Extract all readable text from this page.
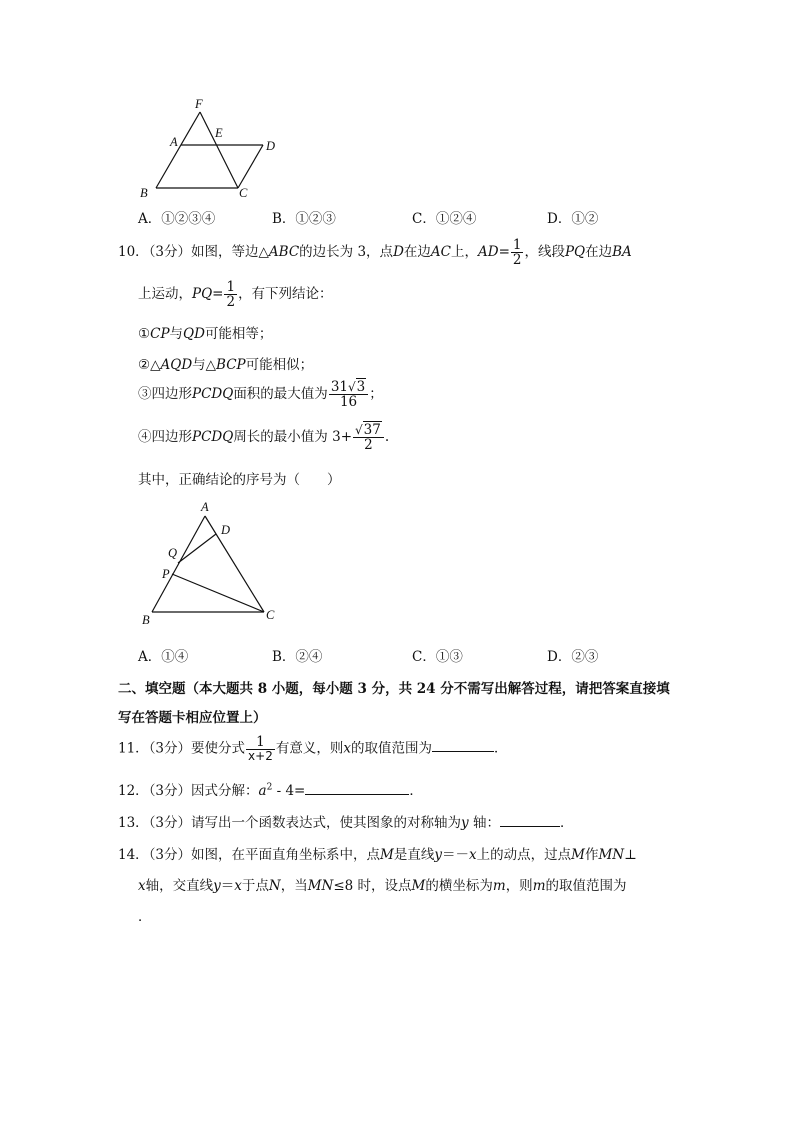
F
A
E
D
B	C
A．①②③④	B．①②③	C．①②④	D．①②
10．（3分）如图，等边△ABC的边长为 3，点D在边AC上，$AD= \frac{1}{2}$ ，线段PQ在边BA
上运动，$PQ= \frac{1}{2}$ ，有下列结论：
①CP与QD可能相等；
②△AQD与△BCP可能相似；
③四边形PCDQ面积的最大值为 $\frac{31√3}{16}$ ；
④四边形PCDQ周长的最小值为 $3+ \frac{√37}{2}$ .
其中，正确结论的序号为（　　）
A
D
Q
P
B	C
A．①④	B．②④	C．①③	D．②③
二、填空题（本大题共 8 小题，每小题 3 分，共 24 分不需写出解答过程，请把答案直接填
写在答题卡相应位置上）
11．（3分）要使分式 $\frac{1}{x+2}$ 有意义，则x的取值范围为	．
12．（3分）因式分解：$a^2 - 4=$	．
13．（3分）请写出一个函数表达式，使其图象的对称轴为y 轴：	．
14．（3分）如图，在平面直角坐标系中，点M是直线y＝－x上的动点，过点M作MN⊥
x轴，交直线y＝x于点N，当MN≤8 时，设点M的横坐标为m，则m的取值范围为
．
